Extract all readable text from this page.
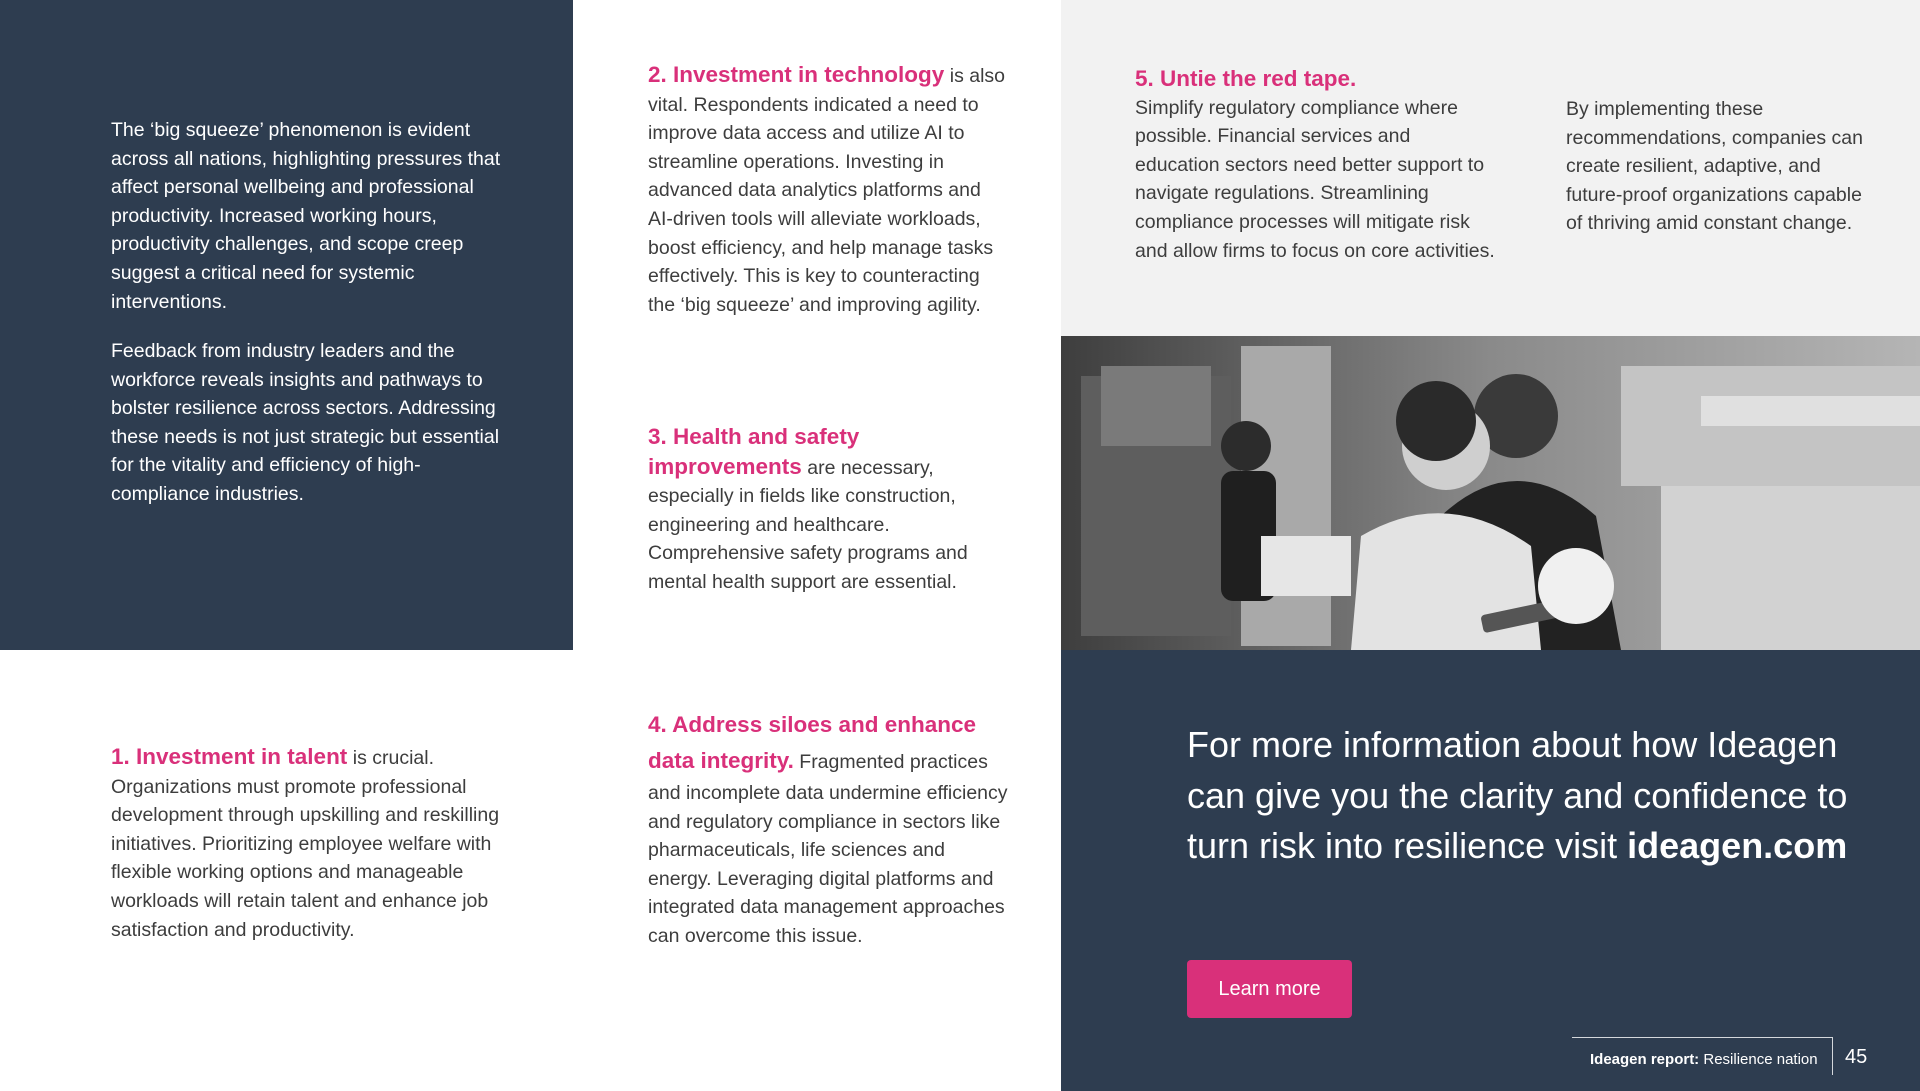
The ‘big squeeze’ phenomenon is evident across all nations, highlighting pressures that affect personal wellbeing and professional productivity. Increased working hours, productivity challenges, and scope creep suggest a critical need for systemic interventions.

Feedback from industry leaders and the workforce reveals insights and pathways to bolster resilience across sectors. Addressing these needs is not just strategic but essential for the vitality and efficiency of high-compliance industries.

2. Investment in technology is also vital. Respondents indicated a need to improve data access and utilize AI to streamline operations. Investing in advanced data analytics platforms and AI-driven tools will alleviate workloads, boost efficiency, and help manage tasks effectively. This is key to counteracting the ‘big squeeze’ and improving agility.
3. Health and safety improvements are necessary, especially in fields like construction, engineering and healthcare. Comprehensive safety programs and mental health support are essential.
1. Investment in talent is crucial. Organizations must promote professional development through upskilling and reskilling initiatives. Prioritizing employee welfare with flexible working options and manageable workloads will retain talent and enhance job satisfaction and productivity.
4. Address siloes and enhance data integrity. Fragmented practices and incomplete data undermine efficiency and regulatory compliance in sectors like pharmaceuticals, life sciences and energy. Leveraging digital platforms and integrated data management approaches can overcome this issue.
5. Untie the red tape.
Simplify regulatory compliance where possible. Financial services and education sectors need better support to navigate regulations. Streamlining compliance processes will mitigate risk and allow firms to focus on core activities.

By implementing these recommendations, companies can create resilient, adaptive, and future-proof organizations capable of thriving amid constant change.

For more information about how Ideagen can give you the clarity and confidence to turn risk into resilience visit ideagen.com

Learn more
Ideagen report: Resilience nation 45
